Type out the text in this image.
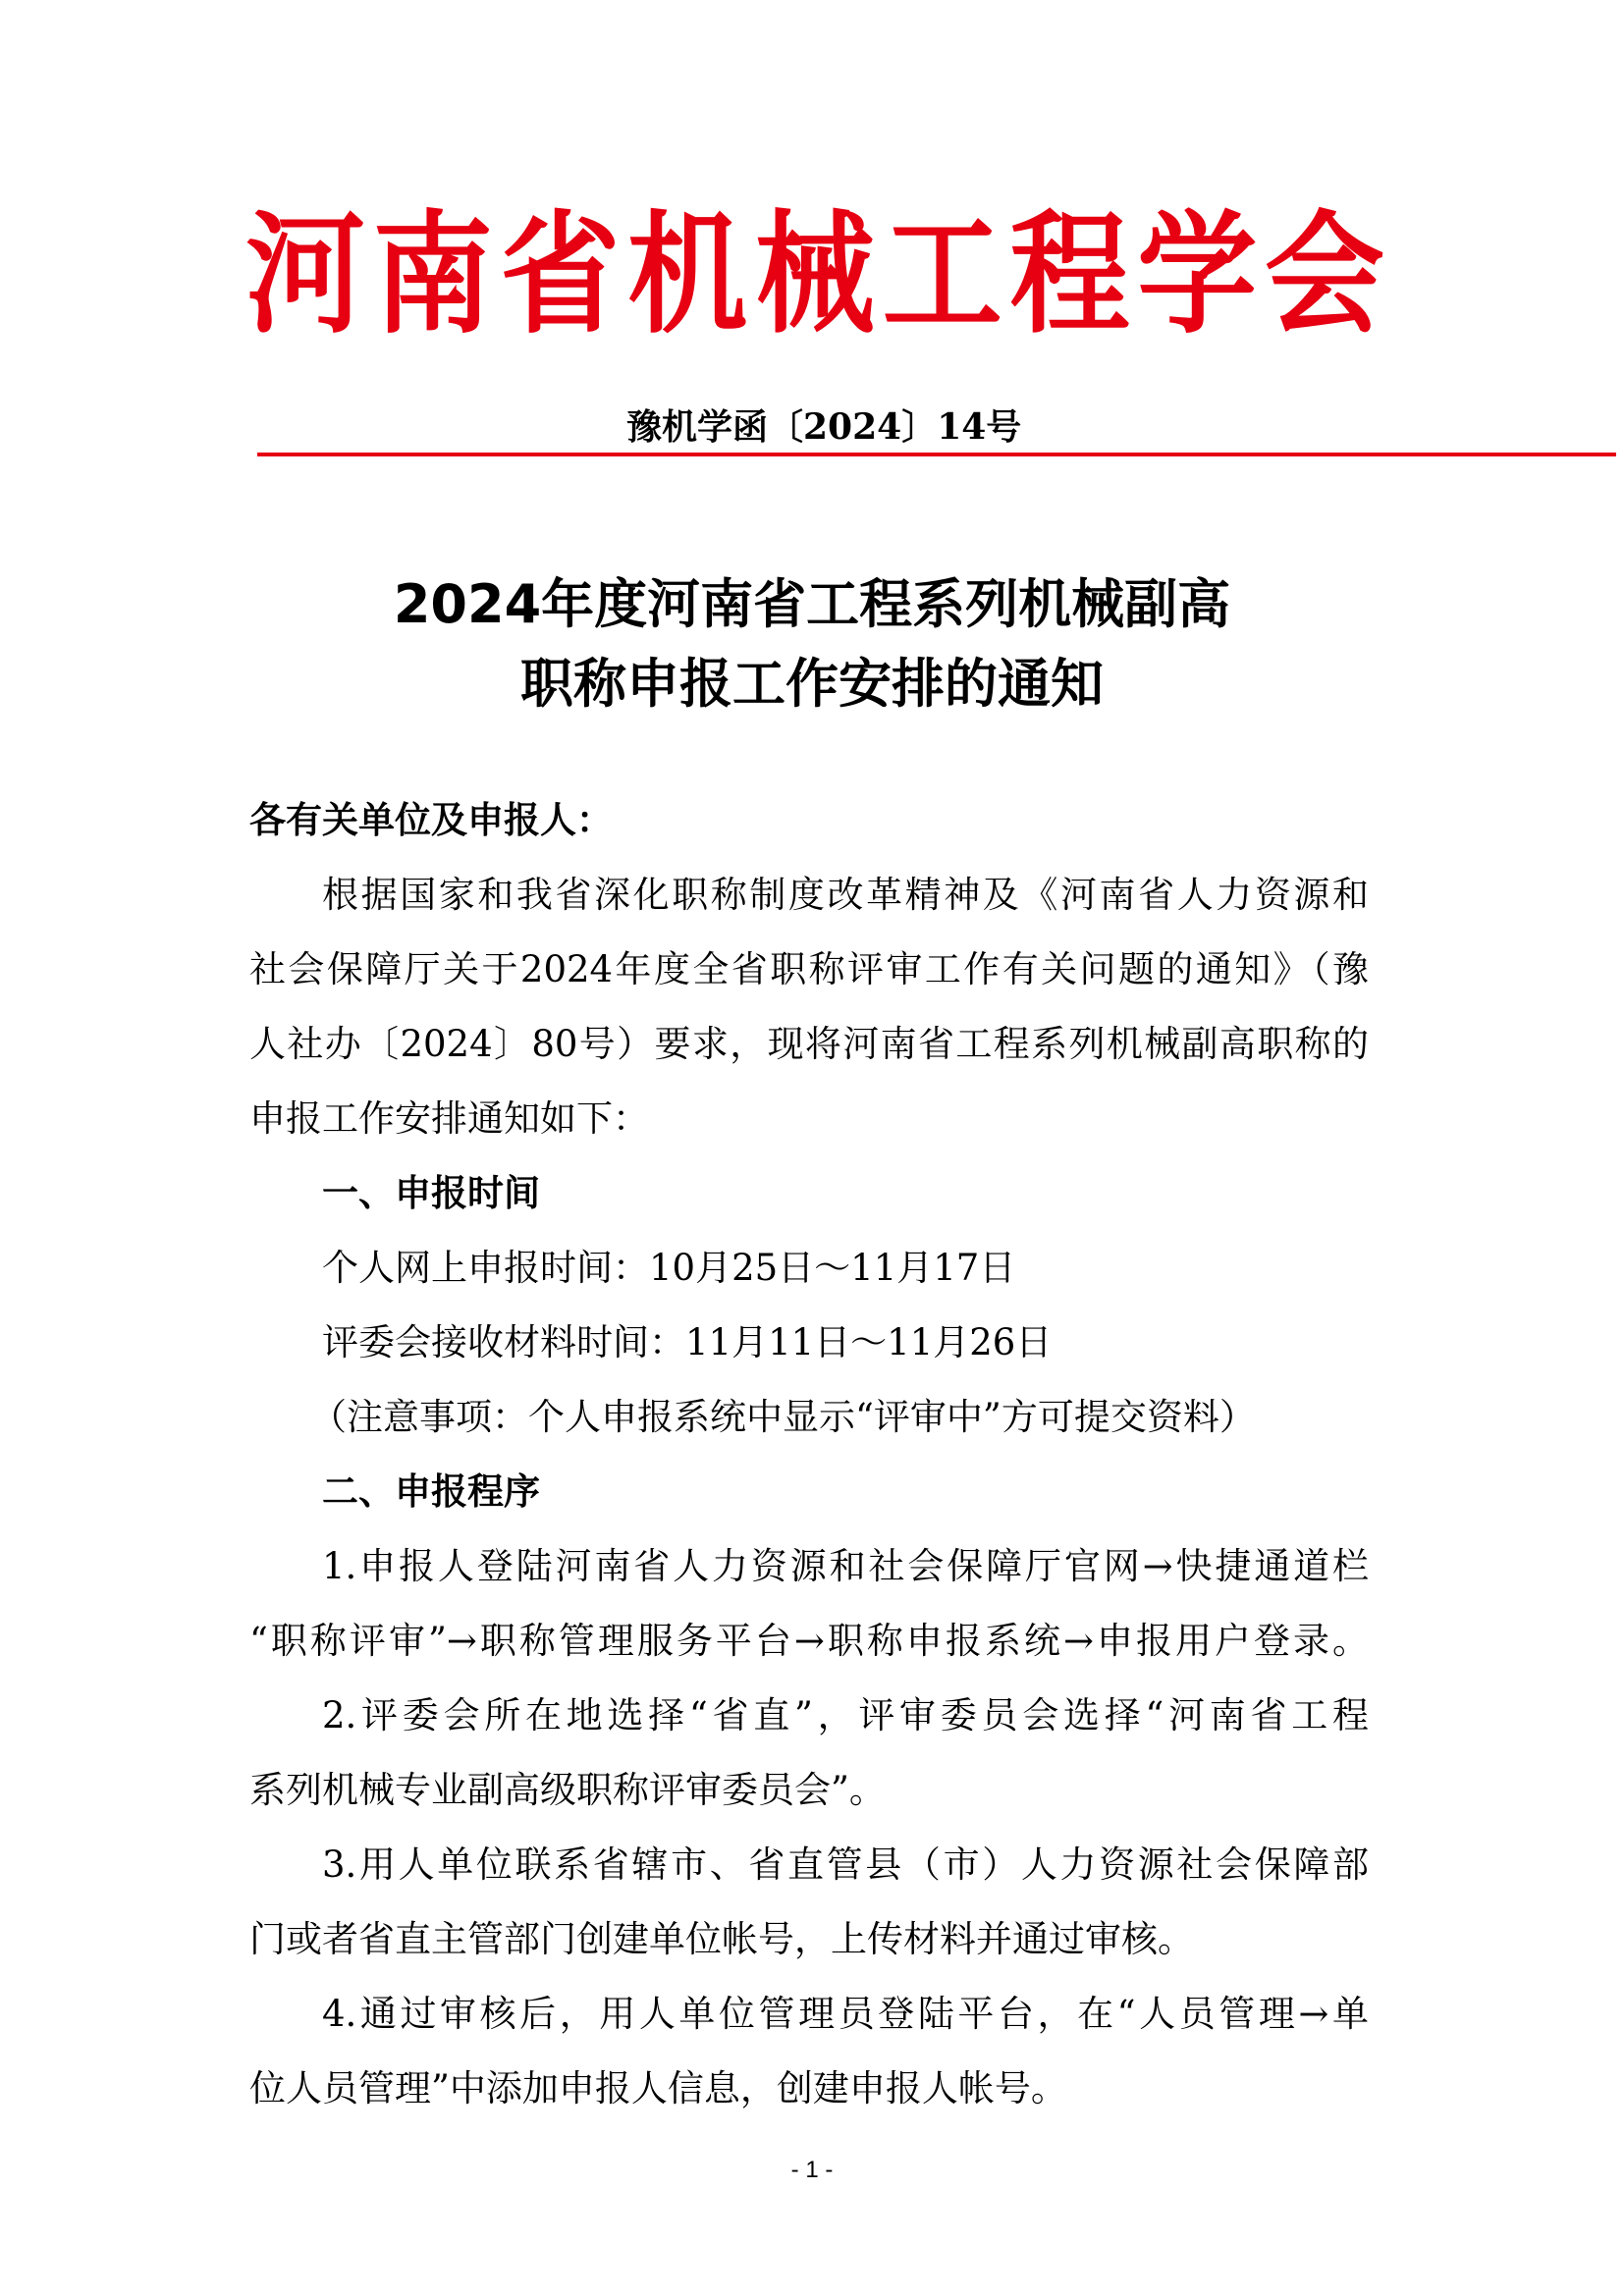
河 南 省 机 械 工 程 学 会
豫机学函〔2024〕14号
2024年度河南省工程系列机械副高
职称申报工作安排的通知
各有关单位及申报人：
根据国家和我省深化职称制度改革精神及《河南省人力资源和
社会保障厅关于2024年度全省职称评审工作有关问题的通知》（豫
人社办〔2024〕80号）要求，现将河南省工程系列机械副高职称的
申报工作安排通知如下：
一、申报时间
个人网上申报时间：10月25日～11月17日
评委会接收材料时间：11月11日～11月26日
（注意事项：个人申报系统中显示“评审中”方可提交资料）
二、申报程序
1.申报人登陆河南省人力资源和社会保障厅官网→快捷通道栏
“职称评审”→职称管理服务平台→职称申报系统→申报用户登录。
2.评委会所在地选择“省直”，评审委员会选择“河南省工程
系列机械专业副高级职称评审委员会”。
3.用人单位联系省辖市、省直管县（市）人力资源社会保障部
门或者省直主管部门创建单位帐号，上传材料并通过审核。
4.通过审核后，用人单位管理员登陆平台，在“人员管理→单
位人员管理”中添加申报人信息，创建申报人帐号。
- 1 -
